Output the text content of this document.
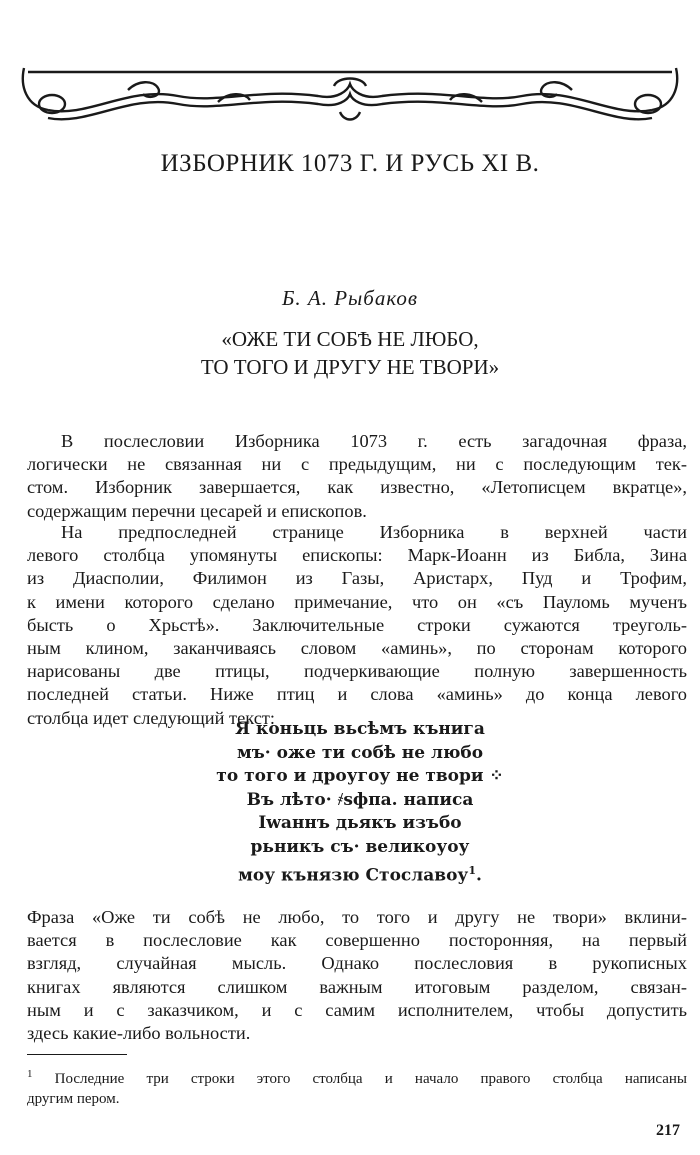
ИЗБОРНИК 1073 Г. И РУСЬ XI В.
Б. А. Рыбаков
«ОЖЕ ТИ СОБѢ НЕ ЛЮБО,
ТО ТОГО И ДРУГУ НЕ ТВОРИ»
В послесловии Изборника 1073 г. есть загадочная фраза,
логически не связанная ни с предыдущим, ни с последующим тек-
стом. Изборник завершается, как известно, «Летописцем вкратце»,
содержащим перечни цесарей и епископов.
На предпоследней странице Изборника в верхней части
левого столбца упомянуты епископы: Марк-Иоанн из Библа, Зина
из Диасполии, Филимон из Газы, Аристарх, Пуд и Трофим,
к имени которого сделано примечание, что он «съ Пауломь мученъ
бысть о Хрьстѣ». Заключительные строки сужаются треуголь-
ным клином, заканчиваясь словом «аминь», по сторонам которого
нарисованы две птицы, подчеркивающие полную завершенность
последней статьи. Ниже птиц и слова «аминь» до конца левого
столбца идет следующий текст:
Я коньць вьсѣмъ кънига
мъ· оже ти собѣ не любо
то того и дроугоу не твори ⁘
Въ лѣто· ҂ѕфпа. написа
Iwаннъ дьякъ изъбо
рьникъ съ· великоуоу
моу кънязю Стославоу$^1$.
Фраза «Оже ти собѣ не любо, то того и другу не твори» вклини-
вается в послесловие как совершенно посторонняя, на первый
взгляд, случайная мысль. Однако послесловия в рукописных
книгах являются слишком важным итоговым разделом, связан-
ным и с заказчиком, и с самим исполнителем, чтобы допустить
здесь какие-либо вольности.
$^1$ Последние три строки этого столбца и начало правого столбца написаны
другим пером.
217
